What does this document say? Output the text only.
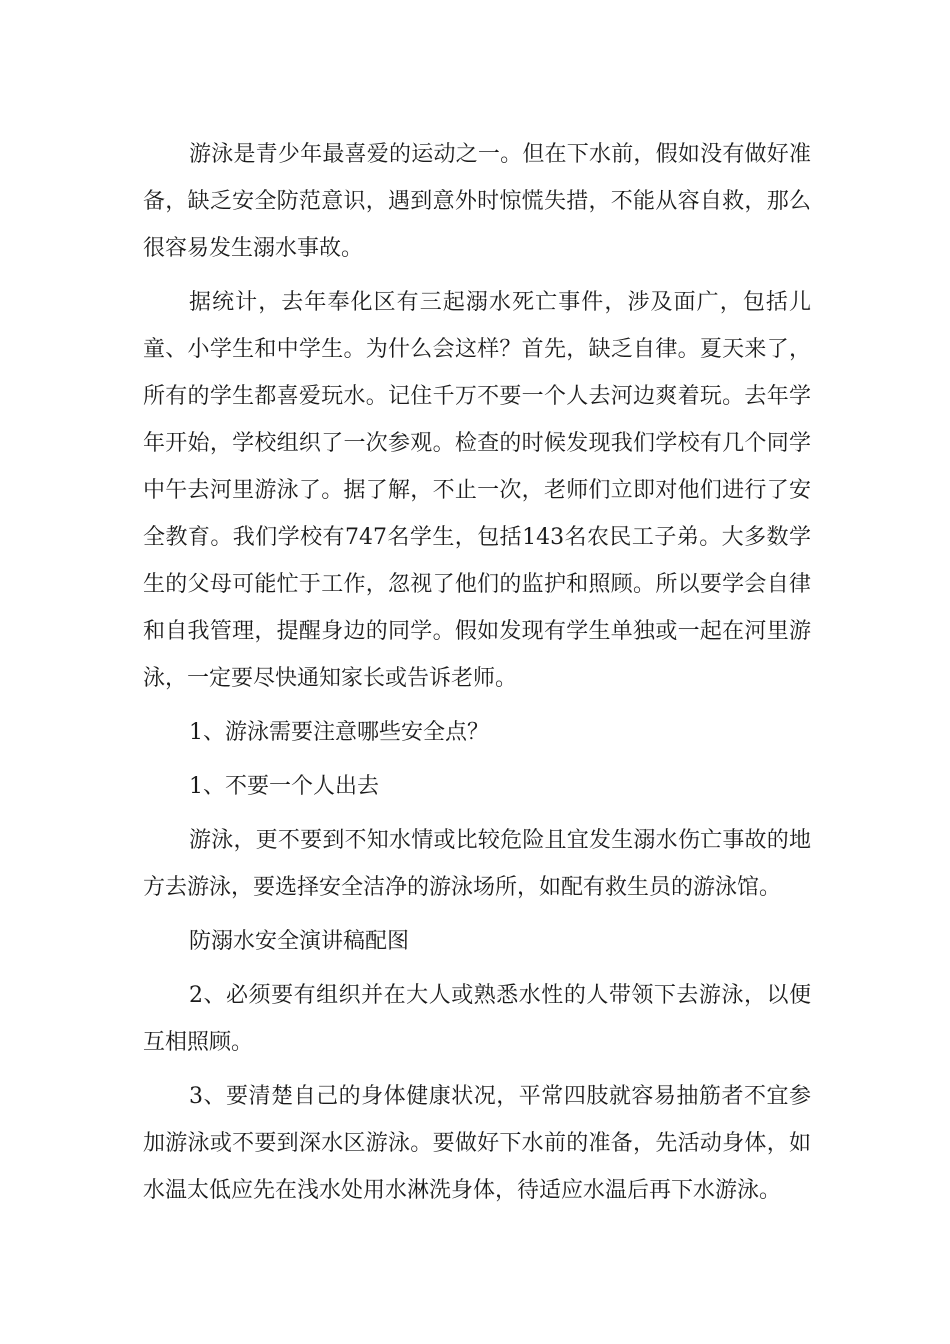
游泳是青少年最喜爱的运动之一。但在下水前，假如没有做好准备，缺乏安全防范意识，遇到意外时惊慌失措，不能从容自救，那么很容易发生溺水事故。

据统计，去年奉化区有三起溺水死亡事件，涉及面广，包括儿童、小学生和中学生。为什么会这样？首先，缺乏自律。夏天来了，所有的学生都喜爱玩水。记住千万不要一个人去河边爽着玩。去年学年开始，学校组织了一次参观。检查的时候发现我们学校有几个同学中午去河里游泳了。据了解，不止一次，老师们立即对他们进行了安全教育。我们学校有747名学生，包括143名农民工子弟。大多数学生的父母可能忙于工作，忽视了他们的监护和照顾。所以要学会自律和自我管理，提醒身边的同学。假如发现有学生单独或一起在河里游泳，一定要尽快通知家长或告诉老师。

1、游泳需要注意哪些安全点？

1、不要一个人出去

游泳，更不要到不知水情或比较危险且宜发生溺水伤亡事故的地方去游泳，要选择安全洁净的游泳场所，如配有救生员的游泳馆。

防溺水安全演讲稿配图

2、必须要有组织并在大人或熟悉水性的人带领下去游泳，以便互相照顾。

3、要清楚自己的身体健康状况，平常四肢就容易抽筋者不宜参加游泳或不要到深水区游泳。要做好下水前的准备，先活动身体，如水温太低应先在浅水处用水淋洗身体，待适应水温后再下水游泳。
